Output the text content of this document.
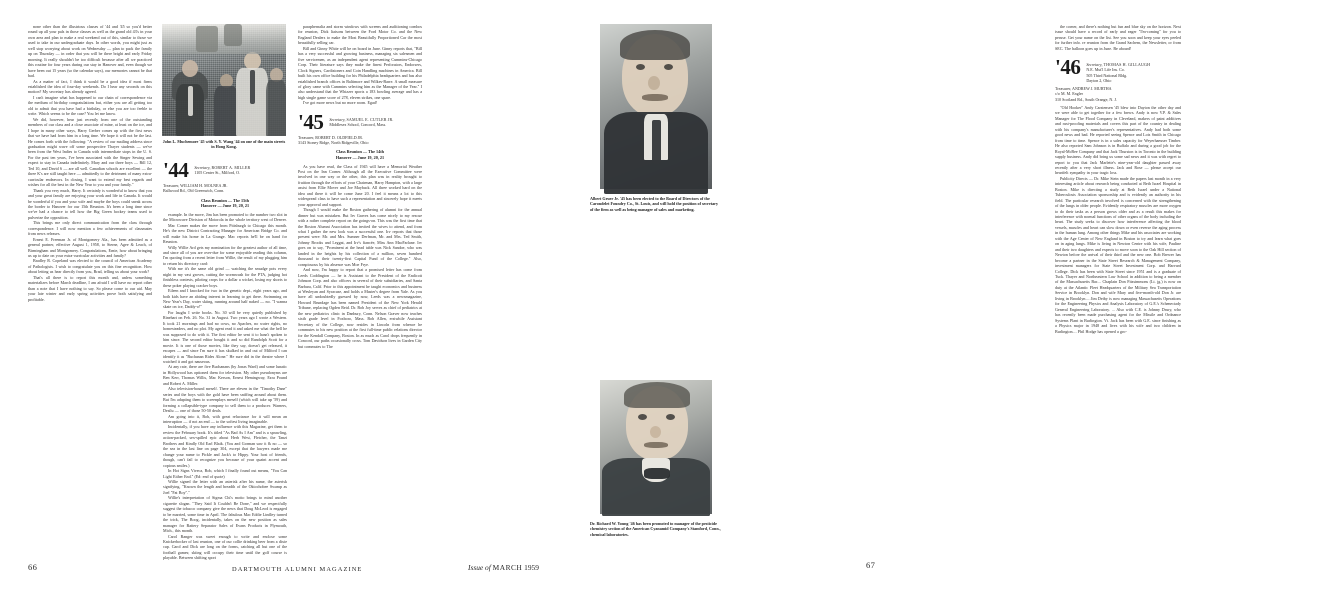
none other than the illustrious classes of '44 and '45 so you'd better round up all your pals in those classes as well as the grand old 43's in your own area and plan to make a real weekend out of this, similar to those we used to take in our undergraduate days. In other words, you might just as well stop worrying about work on Wednesday — plan to pack the family up on Thursday — in order that you will be there bright and early Friday morning. It really shouldn't be too difficult because after all we practiced this routine for four years during our stay in Hanover and, even though we have been out 15 years (so the calendar says), our memories cannot be that bad.

As a matter of fact, I think it would be a good idea if most firms established the idea of four-day weekends. Do I hear any seconds on this motion? My secretary has already agreed.

I can't imagine what has happened to our chain of correspondence via the medium of birthday congratulations but, either you are all getting too old to admit that you have had a birthday, or else you are too feeble to write. Which seems to be the case? You let me know.

We did, however, hear just recently from one of the outstanding members of our class and a close associate of mine, at least on the ice, and I hope in many other ways, Harry Gerber comes up with the first news that we have had from him in a long time. We hope it will not be the last. He comes forth with the following: "A review of our mailing address since graduation might wave off some prospective Thayer students — we've been from the West Indies to Canada with intermediate stops in the U. S. For the past ten years, I've been associated with the Singer Sewing and expect to stay in Canada indefinitely. Mary and our three boys — Bill 12, Ted 10, and David 6 — are all well. Canadian schools are excellent — the three K's are still taught here — admittedly to the detriment of many extra-curricular endeavors. In closing, I want to extend my best regards and wishes for all the best in the New Year to you and your family."

Thank you very much, Harry. It certainly is wonderful to know that you and your great family are enjoying your work and life in Canada. It would be wonderful if you and your wife and maybe the boys could sneak across the border to Hanover for our 15th Reunion. It's been a long time since we've had a chance to tell how the Big Green hockey teams used to pulverize the opposition.

This brings me only direct communication from the class through correspondence. I will now mention a few achievements of classmates from news releases.

Ernest E. Freeman Jr. of Montgomery Ala., has been admitted as a general partner, effective August 1, 1958, to Sterne, Agee & Leach, of Birmingham and Montgomery. Congratulations, Ernie, how about bringing us up to date on your extra-curricular activities and family?

Bradley R. Copeland was elected to the council of American Academy of Pathologists. I wish to congratulate you on this fine recognition. How about letting us hear directly from you, Brad, telling us about your work?

That's all there is to report this month and, unless something materializes before March deadline, I am afraid I will have no report other than a note that I have nothing to say. So please come to our aid. May your late winter and early spring activities prove both satisfying and profitable.

'44 Secretary, ROBERT A. MILLER
1105 Center St., Milford, O.
Treasurer, WILLIAM H. MOLNEA JR.
Ballwood Rd., Old Greenwich, Conn.
Class Reunion — The 15th
Hanover — June 19, 20, 21

example. In the move, Jim has been promoted to the number two slot in the Microwave Division of Motorola in the whole territory west of Denver.

Mac Comer makes the move from Pittsburgh to Chicago this month. He's the new District Contracting Manager for American Bridge Co. and will make his home in La Grange. Mac reports he'll be on hand for Reunion.

Willy Willie Ard gets my nomination for the greatest author of all time, and since all of you are over-due for some enjoyable reading this column, I'm quoting from a recent letter from Willie, the result of my plugging him to return his directory card:

With me it's the same old grind — watching the smudge pots every night in my vast groves, cutting the wormwash for the PTA, judging hot finishless contests, piloting crops for a dollar a wicket, losing my shorts to these poker playing cracker boys.

Eileen and I knocked for two in the genetic dept., eight years ago, and both kids have an abiding interest in learning to get there. Swimming on New Year's Day, water skiing, running around half naked — no. "I wanna skate on ice, Daddy-o!"

For laughs I write books. No. 30 will be very quietly published by Rinehart on Feb. 26. No. 31 in August. Two years ago I wrote a Western. It took 21 mornings and had no cows, no Apaches, no water rights, no homesteaders, and no plot. My agent read it and asked me what the hell he was supposed to do with it. The first editor he sent it to hasn't spoken to him since. The second editor bought it and so did Randolph Scott for a movie. It is one of those movies, like they say, doesn't get released, it escapes — and since I'm sure it has skulked in and out of Milford I can identify it as "Buchanan Rides Alone." He sure did in the theatre where I watched it and got nauseous.

At any rate, there are five Buchanans (by Jonas Ward) and some lunatic in Hollywood has optioned them for television. My other pseudonyms are Ben Kerr, Thomas Willis, Mac Kerson, Ernest Hemingway, Ezra Pound and Robert A. Miller.

Also television-bound meself. There are eleven in the "Timothy Dane" series and the boys with the gold have been sniffing around about them. But I'm adapting them to screenplays meself (which will take up '59) and forming a collapsible-type company to sell them to a producer. Warners, Desilu — one of those 50-50 deals.

Am going into it, Bob, with great reluctance for it will mean an interruption — if not an end — to the softest living imaginable.

Incidentally, if you have any influence with this Magazine, get them to review the February book. It's titled "As Bad As I Am" and is a sprawling, action-packed, sex-spilled epic about Herb West, Fletcher, the Tanzi Brothers and Kindly Old Earl Blaik. (You and Gorman saw it & no — so the sea in the last line on page 304, except that the lawyers made me change your name to Pickle and Jack's to Hippy. Your host of friends, though, can't fail to recognize you because of your quaint accent and copious smiles.)

In Hot Signs Viveca, Bob, which I finally found out means, "You Can Light Either End." (Ed: end of quote)

Willie signed the letter with an asterisk after his name, the asterisk signifying, "Known the length and breadth of the Oktochobee Swamp as Joel "Fat Boy"."

Willie's interpretation of Sigma Chi's motto brings to mind another cigarette slogan. "They Said It Couldn't Be Done," and we respectfully suggest the tobacco company give the news that Doug McLeod is engaged to be married, some time in April. The fabulous Mac Eddie Lindley turned the trick, The Boog, incidentally, takes on the new position as sales manager for Battery Separator Sales of Evans Products in Plymouth, Mich., this month.

Carol Ranger was sweet enough to write and enclose some Knickerbocker of last reunion, one of our collie drinking beer from a dixie cup. Carol and Dick are long on the forms, catching all but one of the football games; skiing will occupy their time until the golf course is playable. Between shifting sport

paraphernalia and storm windows with screens and auditioning combos for reunion, Dick liaisons between the Ford Motor Co. and the New England Dealers to make the Most Beautifully Proportioned Car the most beautifully selling car.

Bill and Ginny White will be on board in June. Ginny reports that, "Bill has a very successful and growing business, managing six salesmen and five servicemen, as an independent agent representing Cummins-Chicago Corp. Their literature says they make the finest Perforators, Endorsers, Clock Signers, Cardizioners and Coin Handling machines in America. Bill built his own office building for his Philadelphia headquarters and has also established branch offices in Baltimore and Wilkes-Barre. A small measure of glory came with Cummins selecting him as the Manager of the Year." I also understand that the Whizzer sports a 183 bowling average and has a high single game score of 278, eleven strikes, one spare.

I've got more news but no more room. Egad!

'45 Secretary, SAMUEL E. CUTLER JR.
Middlesex School, Concord, Mass.
Treasurer, ROBERT D. OLDFIELD JR.
3143 Stoney Ridge, North Ridgeville, Ohio
Class Reunion — The 14th
Hanover — June 19, 20, 21

As you have read, the Class of 1945 will have a Memorial Weather Post on the Inn Corner. Although all the Executive Committee were involved in one way or the other, this plan was in reality brought to fruition through the efforts of your Chairman, Harry Hampton, with a large assist from Ellie Mover and Joe Mayback. All three worked hard on the idea and there it will be come June 20. I feel it means a lot to this widespread class to have such a representation and sincerely hope it meets your approval and support.

Though I would make the Boston gathering of alumni for the annual dinner but was mistaken. But Irv Graves has come nicely to my rescue with a rather complete report on the goings-on. This was the first time that the Boston Alumni Association has invited the wives to attend, and from what I gather the new look was a successful one. Irv reports that those present were: Mr. and Mrs. Sumner Derfman, Mr. and Mrs. Ted Smith, Johnny Brooks and Leggat, and Irv's fiancée, Miss Ann MacFarlane. Irv goes on to say, "Prominent at the head table was Nick Sandoe, who was landed in the heights by his collection of a million, seven hundred thousand to their twenty-first Capital Fund of the College." Also, conspicuous by his absence was Moe Frye.

And now, I'm happy to report that a promised letter has come from Leeds Coddington — he is Assistant to the President of the Endicott Johnson Corp. and also officers in several of their subsidiaries, and Santa Barbara, Calif. Prior to this appointment he taught economics and business at Wesleyan and Syracuse, and holds a Master's degree from Yale. As you have all undoubtedly guessed by now, Leeds was a newsmagazine, Howard Brundage has been named President of the New York Herald Tribune, replacing Ogden Reid. Dr. Bob Joy serves as chief of pediatrics at the new pediatrics clinic in Danbury, Conn. Nelson Graver now teaches sixth grade level in Foxboro, Mass. Bob Allen, erstwhile Assistant Secretary of the College, now resides in Lincoln from whence he commutes to his new position at the first full-time public relations director for the Kendall Company, Boston. In as much as Carol drops frequently in Concord, our paths occasionally cross. Tom Davidson lives in Garden City but commutes to The

John L. Muchemore '45 with S. Y. Wang '44 on one of the main streets in Hong Kong.
66	DARTMOUTH ALUMNI MAGAZINE

the corner, and there's nothing but fun and blue sky on the horizon. Next issue should have a record of early and eager "I'm-coming" for you to peruse. Get your name on the list. See you soon and keep your eyes peeled for further info. re reunion from the Grand Sachem, the Newsletter, or from SEC. The balloon goes up in June. Be aboard!

'46 Secretary, THOMAS H. GILLAUGH
N.E. Mut'l Life Ins. Co.
505 Third National Bldg.
Dayton 2, Ohio
Treasurer, ANDREW J. MURTHA
c/o M. M. Engler
310 Scotland Rd., South Orange, N. J.

"Old Hooker" Andy Carstensen '45 blew into Dayton the other day and we were able to get together for a few brews. Andy is now V.P. & Sales Manager for The Flood Company in Cleveland, makers of paint additives and rust-proofing materials and covers this part of the country in dealing with his company's manufacturer's representatives. Andy had both some good news and bad. He reported seeing Spence and Lois Smith in Chicago from time to time. Spence is in a sales capacity for Weyerhaeuser Timber. He also reported Sam Johnson is in Buffalo and during a good job for the Royal-McBee Company and that Jack Thurston is in Toronto in the building supply business. Andy did bring us some sad news and it was with regret to report to you that Jack Marlette's nine-year-old daughter passed away recently after a very short illness. Jack and Rose — please accept our heartfelt sympathy in your tragic loss.

Publicity Directs — Dr. Mike Stein made the papers last month in a very interesting article about research being conducted at Beth Israel Hospital in Boston. Mike is directing a study at Beth Israel under a National Tuberculosis Association sponsorship and is evidently an authority in his field. The particular research involved is concerned with the strengthening of the lungs in older people. Evidently respiratory muscles are more oxygen to do their tasks as a person grows older and as a result this makes for interference with normal functions of other organs of the body including the heart. The study seeks to discover how interference affecting the blood vessels, muscles and heart can slow down or even reverse the aging process in the human lung. Among other things Mike and his associates are working with the Age Center of New England in Boston to try and learn what goes on in aging lungs. Mike is living in Newton Centre with his wife, Pauline and their two daughters and expects to move soon to the Oak Hill section of Newton before the arrival of their third and the new one. Bob Brewer has become a partner in the State Street Research & Management Company, investment managers for State Street Investment Corp. and Harvard College. Dick has been with State Street since 1951 and is a graduate of Tuck. Thayer and Northeastern Law School in addition to being a member of the Massachusetts Bar.... Chaplain Don Fitzsimmons (Lt. jg.) is now on duty at the Atlantic Fleet Headquarters of the Military Sea Transportation Service in Brooklyn. Don and wife Mary and five-month-old Don Jr. are living in Brooklyn.... Jim Deiby is now managing Massachusetts Operations for the Engineering Physics and Analysis Laboratory of G.E.'s Schenectady General Engineering Laboratory. ... Also with C.E. is Johnny Drury, who has recently been made purchasing agent for the Missile and Ordnance Systems Plant in Burlington. Vt. Jack has been with G.E. since finishing as a Physics major in 1948 and lives with his wife and two children in Burlington.... Phil Hodge has opened a gro-

Albert Gruer Jr. '45 has been elected to the Board of Directors of the Carondelet Foundry Co., St. Louis, and will hold the position of secretary of the firm as well as being manager of sales and marketing.
Dr. Richard W. Young '46 has been promoted to manager of the pesticide chemistry section of the American Cyanamid Company's Stamford, Conn., chemical laboratories.
Issue of MARCH 1959	67
